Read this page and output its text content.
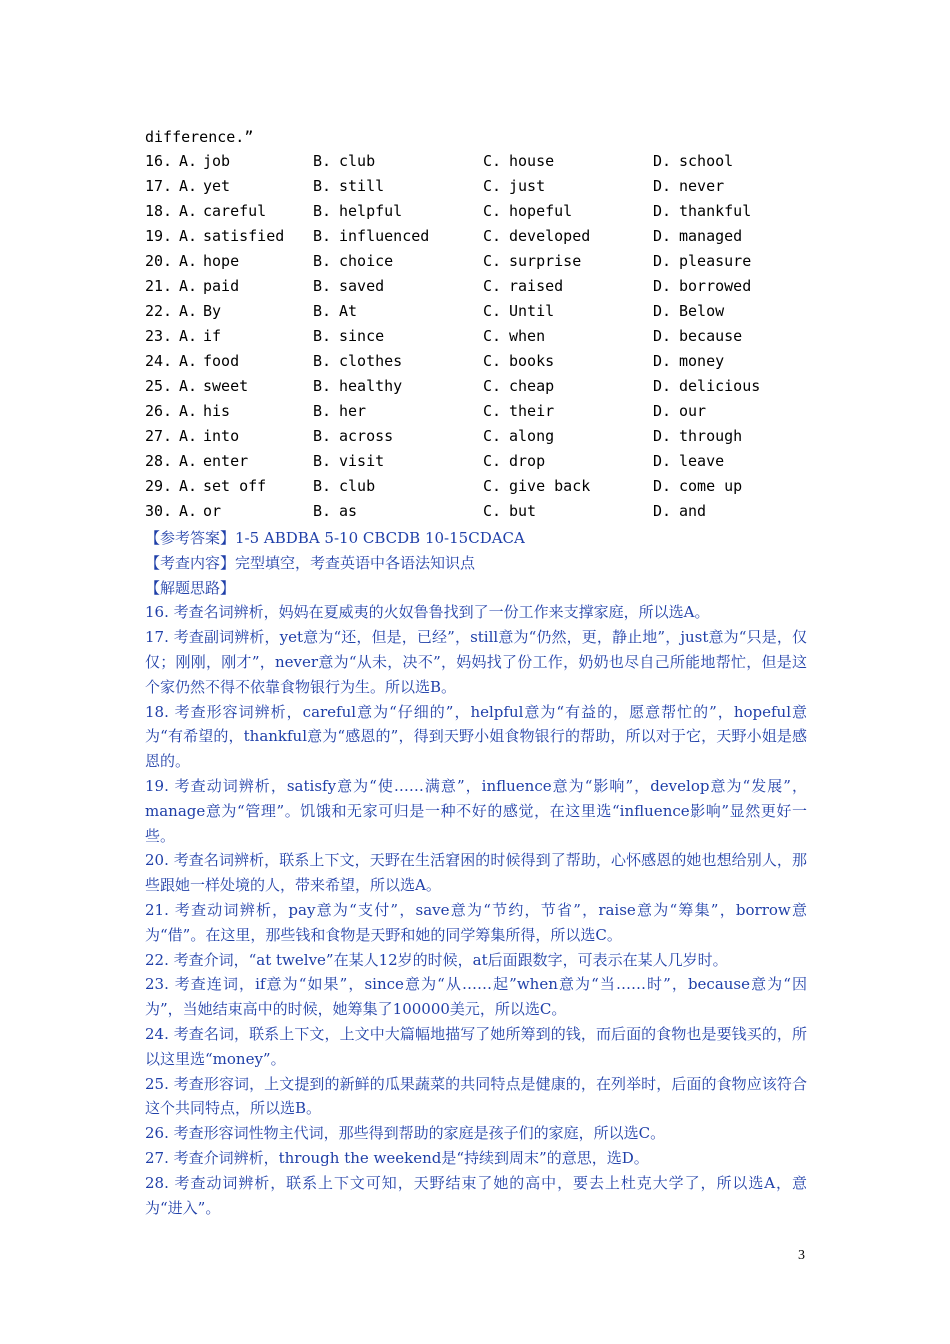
difference.”
16. A. job	B. club	C. house	D. school
17. A. yet	B. still	C. just	D. never
18. A. careful	B. helpful	C. hopeful	D. thankful
19. A. satisfied B. influenced	C. developed	D. managed
20. A. hope	B. choice	C. surprise	D. pleasure
21. A. paid	B. saved	C. raised	D. borrowed
22. A. By	B. At	C. Until	D. Below
23. A. if	B. since	C. when	D. because
24. A. food	B. clothes	C. books	D. money
25. A. sweet	B. healthy	C. cheap	D. delicious
26. A. his	B. her	C. their	D. our
27. A. into	B. across	C. along	D. through
28. A. enter	B. visit	C. drop	D. leave
29. A. set off	B. club	C. give back	D. come up
30. A. or	B. as	C. but	D. and

【参考答案】1-5 ABDBA 5-10 CBCDB 10-15CDACA

【考查内容】完型填空，考查英语中各语法知识点

【解题思路】

16. 考查名词辨析，妈妈在夏威夷的火奴鲁鲁找到了一份工作来支撑家庭，所以选A。

17. 考查副词辨析，yet意为“还，但是，已经”，still意为“仍然，更，静止地”，just意为“只是，仅仅；刚刚，刚才”，never意为“从未，决不”，妈妈找了份工作，奶奶也尽自己所能地帮忙，但是这个家仍然不得不依靠食物银行为生。所以选B。

18. 考查形容词辨析，careful意为“仔细的”，helpful意为“有益的，愿意帮忙的”，hopeful意为“有希望的，thankful意为“感恩的”，得到天野小姐食物银行的帮助，所以对于它，天野小姐是感恩的。

19. 考查动词辨析，satisfy意为“使……满意”，influence意为“影响”，develop意为“发展”，manage意为“管理”。饥饿和无家可归是一种不好的感觉，在这里选“influence影响”显然更好一些。

20. 考查名词辨析，联系上下文，天野在生活窘困的时候得到了帮助，心怀感恩的她也想给别人，那些跟她一样处境的人，带来希望，所以选A。

21. 考查动词辨析，pay意为“支付”，save意为“节约，节省”，raise意为“筹集”，borrow意为“借”。在这里，那些钱和食物是天野和她的同学筹集所得，所以选C。

22. 考查介词，“at twelve”在某人12岁的时候，at后面跟数字，可表示在某人几岁时。

23. 考查连词，if意为“如果”，since意为“从……起”when意为“当……时”，because意为“因为”，当她结束高中的时候，她筹集了100000美元，所以选C。

24. 考查名词，联系上下文，上文中大篇幅地描写了她所筹到的钱，而后面的食物也是要钱买的，所以这里选“money”。

25. 考查形容词，上文提到的新鲜的瓜果蔬菜的共同特点是健康的，在列举时，后面的食物应该符合这个共同特点，所以选B。

26. 考查形容词性物主代词，那些得到帮助的家庭是孩子们的家庭，所以选C。

27. 考查介词辨析，through the weekend是“持续到周末”的意思，选D。

28. 考查动词辨析，联系上下文可知，天野结束了她的高中，要去上杜克大学了，所以选A，意为“进入”。

3
